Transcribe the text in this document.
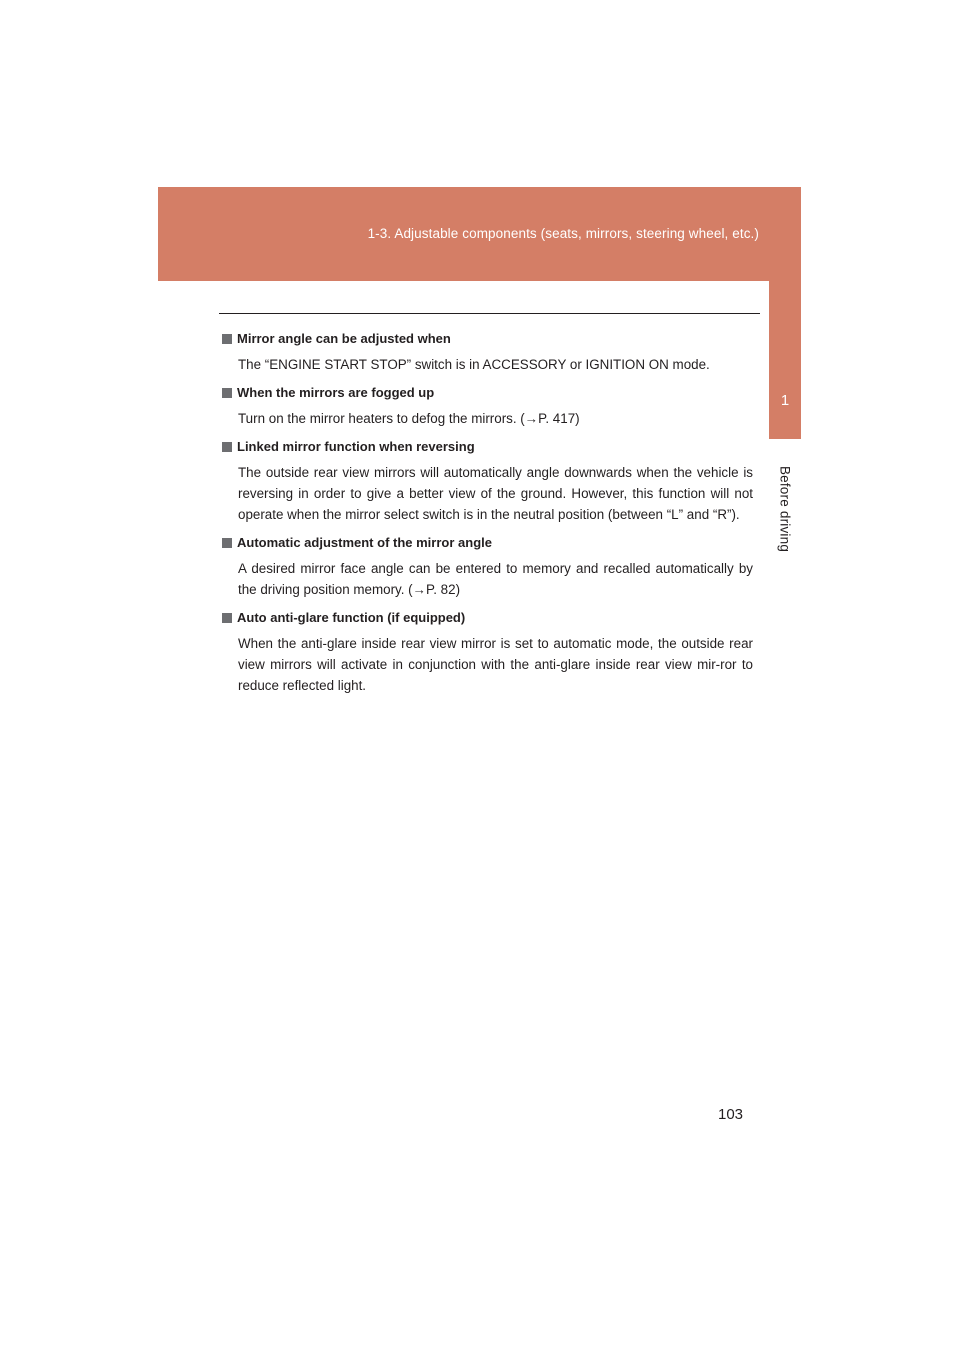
1-3. Adjustable components (seats, mirrors, steering wheel, etc.)
1
Before driving
Mirror angle can be adjusted when
The “ENGINE START STOP” switch is in ACCESSORY or IGNITION ON mode.
When the mirrors are fogged up
Turn on the mirror heaters to defog the mirrors. (→P. 417)
Linked mirror function when reversing
The outside rear view mirrors will automatically angle downwards when the vehicle is reversing in order to give a better view of the ground. However, this function will not operate when the mirror select switch is in the neutral position (between “L” and “R”).
Automatic adjustment of the mirror angle
A desired mirror face angle can be entered to memory and recalled automatically by the driving position memory. (→P. 82)
Auto anti-glare function (if equipped)
When the anti-glare inside rear view mirror is set to automatic mode, the outside rear view mirrors will activate in conjunction with the anti-glare inside rear view mir-ror to reduce reflected light.
103
